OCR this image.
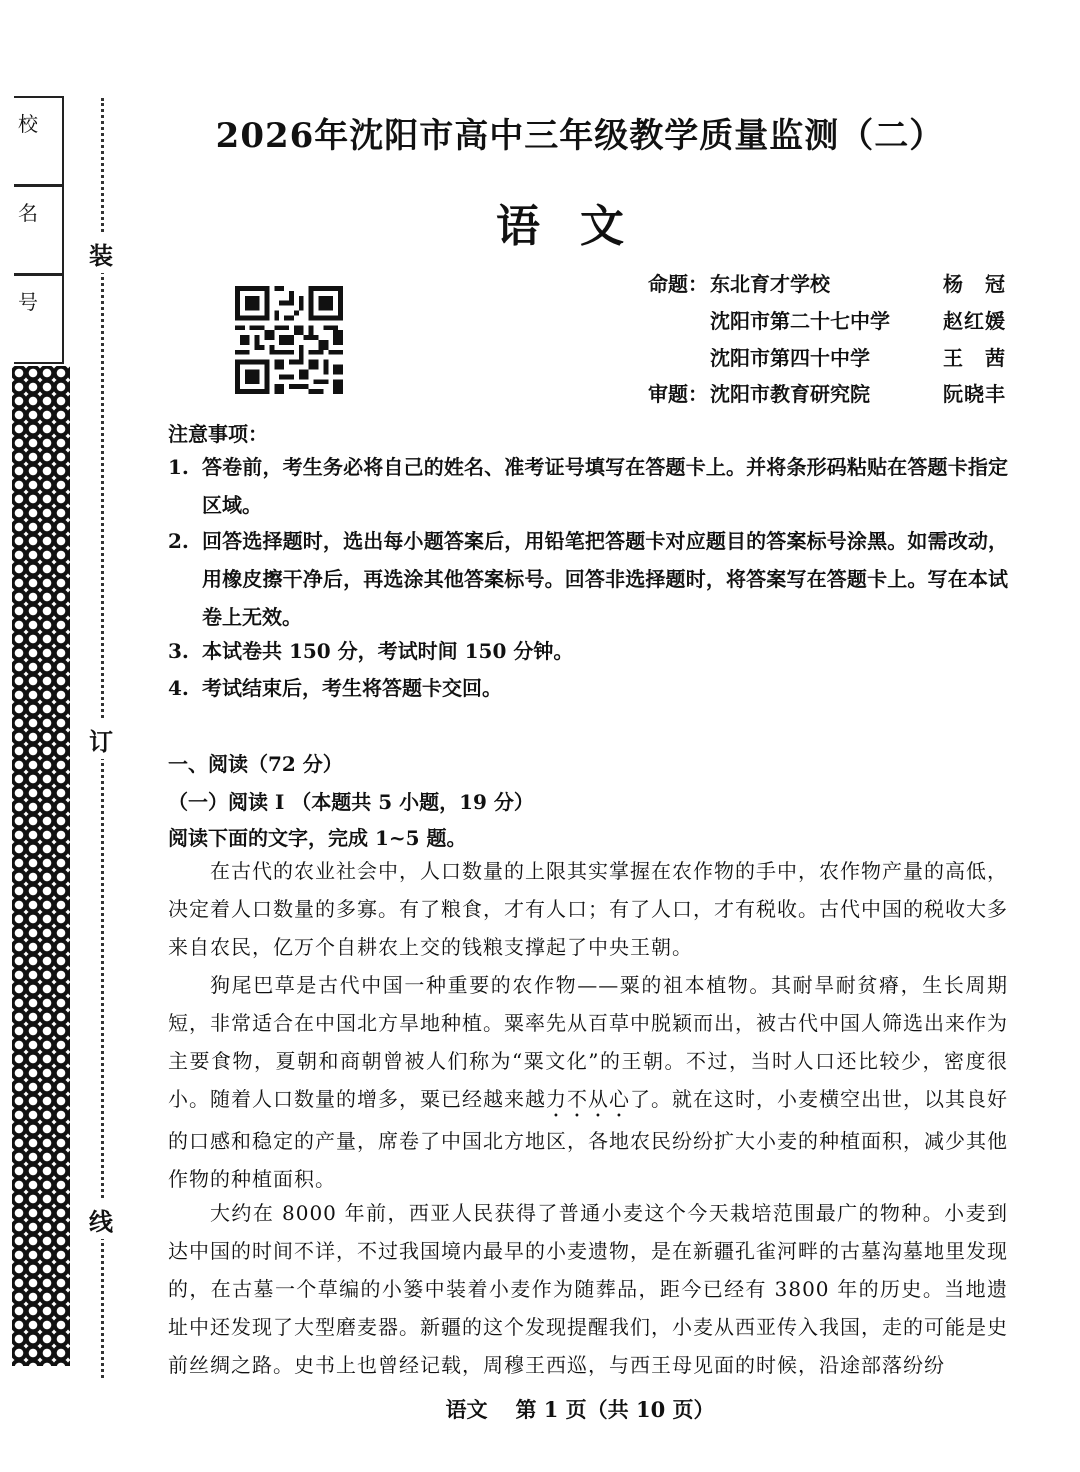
校
名
号
装
订
线
2026年沈阳市高中三年级教学质量监测（二）
语文
命题： 东北育才学校	杨　冠
沈阳市第二十七中学	赵红媛
沈阳市第四十中学	王　茜
审题： 沈阳市教育研究院	阮晓丰
注意事项：
1. 答卷前，考生务必将自己的姓名、准考证号填写在答题卡上。并将条形码粘贴在答题卡指定区域。
2. 回答选择题时，选出每小题答案后，用铅笔把答题卡对应题目的答案标号涂黑。如需改动，用橡皮擦干净后，再选涂其他答案标号。回答非选择题时，将答案写在答题卡上。写在本试卷上无效。
3. 本试卷共 150 分，考试时间 150 分钟。
4. 考试结束后，考生将答题卡交回。
一、阅读（72 分）
（一）阅读 I （本题共 5 小题，19 分）
阅读下面的文字，完成 1~5 题。
在古代的农业社会中，人口数量的上限其实掌握在农作物的手中，农作物产量的高低，决定着人口数量的多寡。有了粮食，才有人口；有了人口，才有税收。古代中国的税收大多来自农民，亿万个自耕农上交的钱粮支撑起了中央王朝。
狗尾巴草是古代中国一种重要的农作物——粟的祖本植物。其耐旱耐贫瘠，生长周期短，非常适合在中国北方旱地种植。粟率先从百草中脱颖而出，被古代中国人筛选出来作为主要食物，夏朝和商朝曾被人们称为“粟文化”的王朝。不过，当时人口还比较少，密度很小。随着人口数量的增多，粟已经越来越力不从心了。就在这时，小麦横空出世，以其良好的口感和稳定的产量，席卷了中国北方地区，各地农民纷纷扩大小麦的种植面积，减少其他作物的种植面积。
大约在 8000 年前，西亚人民获得了普通小麦这个今天栽培范围最广的物种。小麦到达中国的时间不详，不过我国境内最早的小麦遗物，是在新疆孔雀河畔的古墓沟墓地里发现的，在古墓一个草编的小篓中装着小麦作为随葬品，距今已经有 3800 年的历史。当地遗址中还发现了大型磨麦器。新疆的这个发现提醒我们，小麦从西亚传入我国，走的可能是史前丝绸之路。史书上也曾经记载，周穆王西巡，与西王母见面的时候，沿途部落纷纷
语文 第 1 页（共 10 页）
